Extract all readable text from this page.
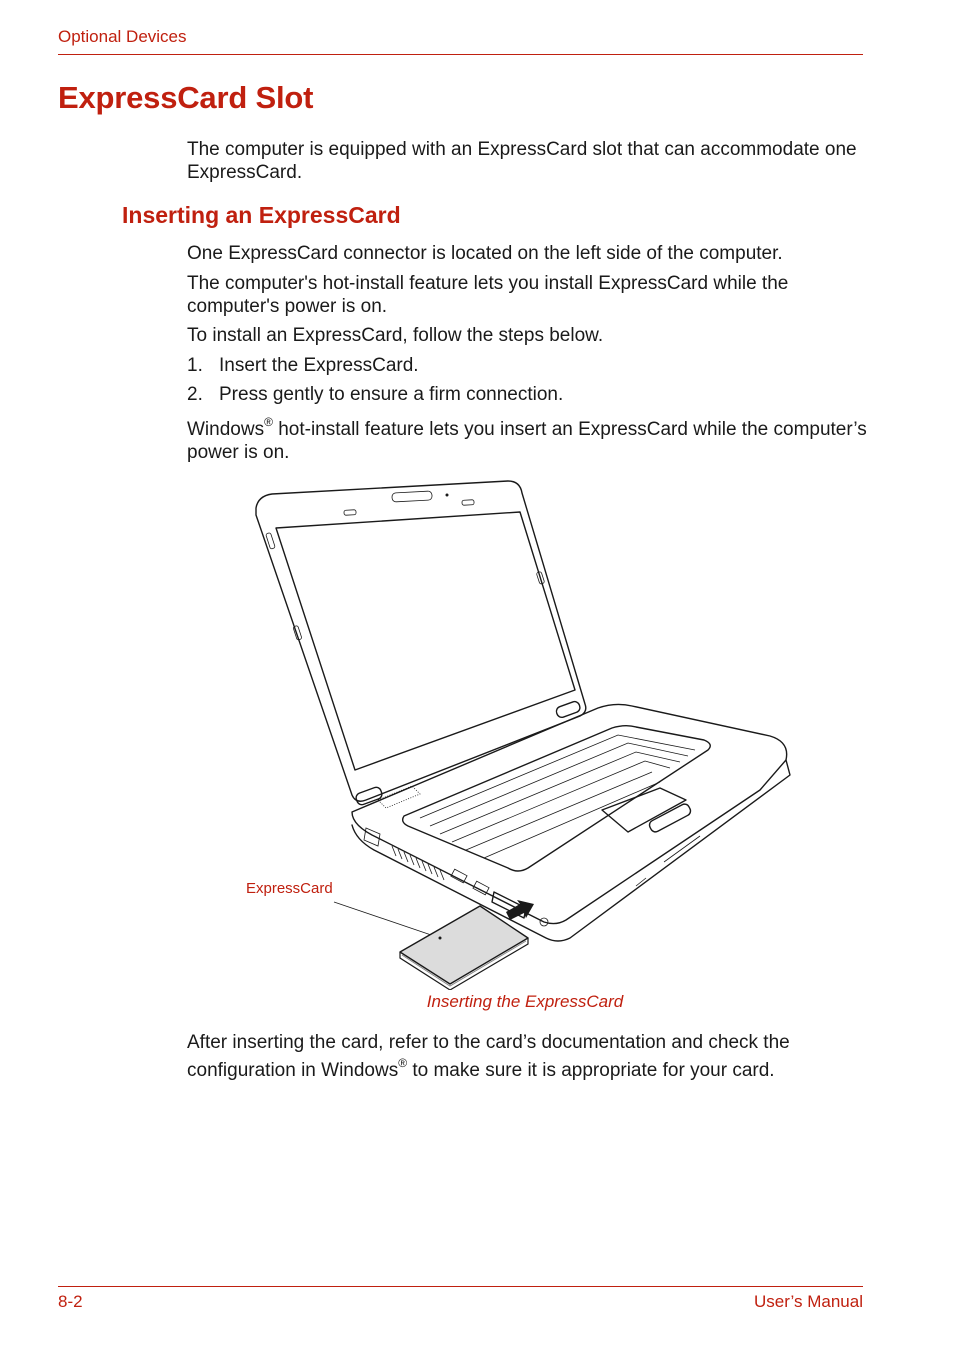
Optional Devices
ExpressCard Slot
The computer is equipped with an ExpressCard slot that can accommodate one ExpressCard.
Inserting an ExpressCard
One ExpressCard connector is located on the left side of the computer.
The computer's hot-install feature lets you install ExpressCard while the computer's power is on.
To install an ExpressCard, follow the steps below.
1. Insert the ExpressCard.
2. Press gently to ensure a firm connection.
Windows® hot-install feature lets you insert an ExpressCard while the computer’s power is on.
ExpressCard
Inserting the ExpressCard
After inserting the card, refer to the card’s documentation and check the configuration in Windows® to make sure it is appropriate for your card.
8-2	User’s Manual
